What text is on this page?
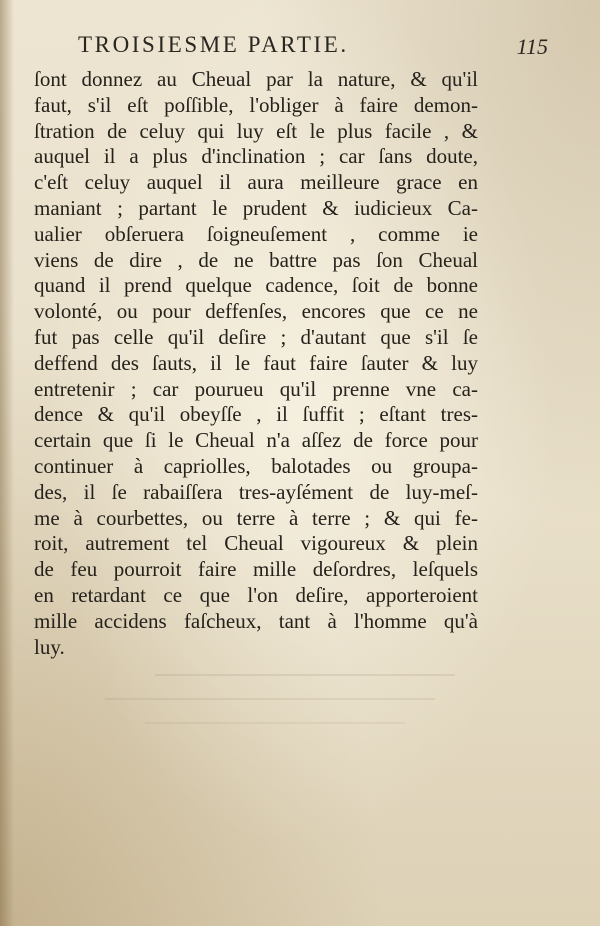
TROISIESME PARTIE.	115
ſont donnez au Cheual par la nature, & qu'il
faut, s'il eſt poſſible, l'obliger à faire demon-
ſtration de celuy qui luy eſt le plus facile , &
auquel il a plus d'inclination ; car ſans doute,
c'eſt celuy auquel il aura meilleure grace en
maniant ; partant le prudent & iudicieux Ca-
ualier obſeruera ſoigneuſement , comme ie
viens de dire , de ne battre pas ſon Cheual
quand il prend quelque cadence, ſoit de bonne
volonté, ou pour deffenſes, encores que ce ne
fut pas celle qu'il deſire ; d'autant que s'il ſe
deffend des ſauts, il le faut faire ſauter & luy
entretenir ; car pourueu qu'il prenne vne ca-
dence & qu'il obeyſſe , il ſuffit ; eſtant tres-
certain que ſi le Cheual n'a aſſez de force pour
continuer à capriolles, balotades ou groupa-
des, il ſe rabaiſſera tres-ayſément de luy-meſ-
me à courbettes, ou terre à terre ; & qui fe-
roit, autrement tel Cheual vigoureux & plein
de feu pourroit faire mille deſordres, leſquels
en retardant ce que l'on deſire, apporteroient
mille accidens faſcheux, tant à l'homme qu'à
luy.
